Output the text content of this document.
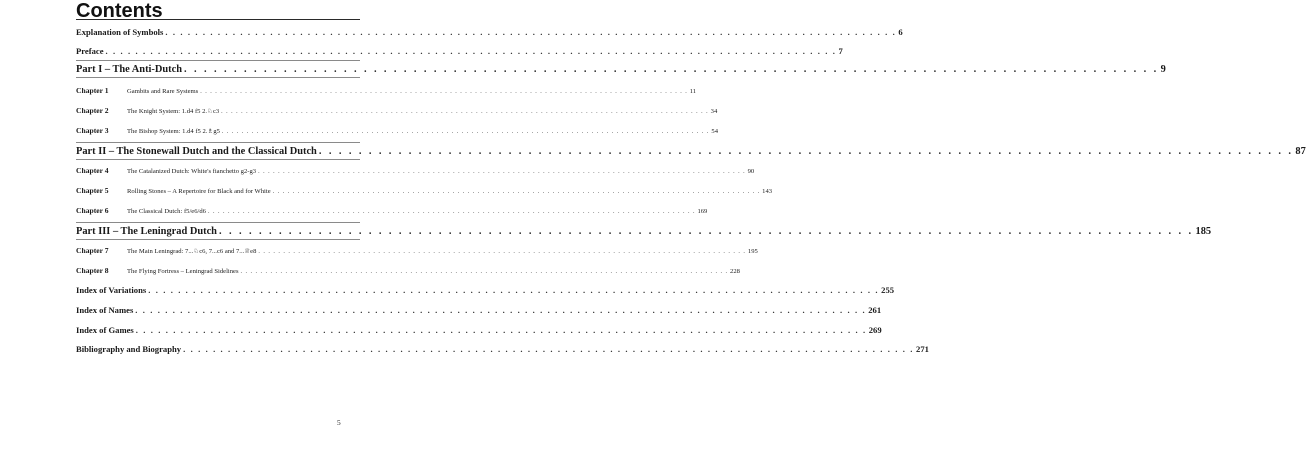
Contents
Explanation of Symbols . . . . . . . . . . . . . . . . . . . . . . . . . . . . . . . . . . . . . . . . . . . . . . . . . . . . . . . . . . . . . . . . . . . . . . . . . . . . . . . . . . . . . . . . . . . . . . . . . . 6
Preface . . . . . . . . . . . . . . . . . . . . . . . . . . . . . . . . . . . . . . . . . . . . . . . . . . . . . . . . . . . . . . . . . . . . . . . . . . . . . . . . . . . . . . . . . . . . . . . . . . 7
Part I – The Anti-Dutch . . . . . . . . . . . . . . . . . . . . . . . . . . . . . . . . . . . . . . . . . . . . . . . . . . . . . . . . . . . . . . . . . . . . . . . . . . . . . . . . . . . . . . . . . . . . . . . . . . 9
Chapter 1	Gambits and Rare Systems . . . . . . . . . . . . . . . . . . . . . . . . . . . . . . . . . . . . . . . . . . . . . . . . . . . . . . . . . . . . . . . . . . . . . . . . . . . . . . . . . . . . . . . . . . . . . . . . . . 11
Chapter 2	The Knight System: 1.d4 f5 2.♘c3 . . . . . . . . . . . . . . . . . . . . . . . . . . . . . . . . . . . . . . . . . . . . . . . . . . . . . . . . . . . . . . . . . . . . . . . . . . . . . . . . . . . . . . . . . . . . . . . . . . 34
Chapter 3	The Bishop System: 1.d4 f5 2.♗g5 . . . . . . . . . . . . . . . . . . . . . . . . . . . . . . . . . . . . . . . . . . . . . . . . . . . . . . . . . . . . . . . . . . . . . . . . . . . . . . . . . . . . . . . . . . . . . . . . . . 54
Part II – The Stonewall Dutch and the Classical Dutch . . . . . . . . . . . . . . . . . . . . . . . . . . . . . . . . . . . . . . . . . . . . . . . . . . . . . . . . . . . . . . . . . . . . . . . . . . . . . . . . . . . . . . . . . . . . . . . . . . 87
Chapter 4	The Catalanized Dutch: White's fianchetto g2-g3 . . . . . . . . . . . . . . . . . . . . . . . . . . . . . . . . . . . . . . . . . . . . . . . . . . . . . . . . . . . . . . . . . . . . . . . . . . . . . . . . . . . . . . . . . . . . . . . . . . 90
Chapter 5	Rolling Stones – A Repertoire for Black and for White . . . . . . . . . . . . . . . . . . . . . . . . . . . . . . . . . . . . . . . . . . . . . . . . . . . . . . . . . . . . . . . . . . . . . . . . . . . . . . . . . . . . . . . . . . . . . . . . . . 143
Chapter 6	The Classical Dutch: f5/e6/d6 . . . . . . . . . . . . . . . . . . . . . . . . . . . . . . . . . . . . . . . . . . . . . . . . . . . . . . . . . . . . . . . . . . . . . . . . . . . . . . . . . . . . . . . . . . . . . . . . . . 169
Part III – The Leningrad Dutch . . . . . . . . . . . . . . . . . . . . . . . . . . . . . . . . . . . . . . . . . . . . . . . . . . . . . . . . . . . . . . . . . . . . . . . . . . . . . . . . . . . . . . . . . . . . . . . . . . 185
Chapter 7	The Main Leningrad: 7...♘c6, 7...c6 and 7...♕e8 . . . . . . . . . . . . . . . . . . . . . . . . . . . . . . . . . . . . . . . . . . . . . . . . . . . . . . . . . . . . . . . . . . . . . . . . . . . . . . . . . . . . . . . . . . . . . . . . . . 195
Chapter 8	The Flying Fortress – Leningrad Sidelines . . . . . . . . . . . . . . . . . . . . . . . . . . . . . . . . . . . . . . . . . . . . . . . . . . . . . . . . . . . . . . . . . . . . . . . . . . . . . . . . . . . . . . . . . . . . . . . . . . 228
Index of Variations . . . . . . . . . . . . . . . . . . . . . . . . . . . . . . . . . . . . . . . . . . . . . . . . . . . . . . . . . . . . . . . . . . . . . . . . . . . . . . . . . . . . . . . . . . . . . . . . . . 255
Index of Names . . . . . . . . . . . . . . . . . . . . . . . . . . . . . . . . . . . . . . . . . . . . . . . . . . . . . . . . . . . . . . . . . . . . . . . . . . . . . . . . . . . . . . . . . . . . . . . . . . 261
Index of Games . . . . . . . . . . . . . . . . . . . . . . . . . . . . . . . . . . . . . . . . . . . . . . . . . . . . . . . . . . . . . . . . . . . . . . . . . . . . . . . . . . . . . . . . . . . . . . . . . . 269
Bibliography and Biography . . . . . . . . . . . . . . . . . . . . . . . . . . . . . . . . . . . . . . . . . . . . . . . . . . . . . . . . . . . . . . . . . . . . . . . . . . . . . . . . . . . . . . . . . . . . . . . . . . 271
5
